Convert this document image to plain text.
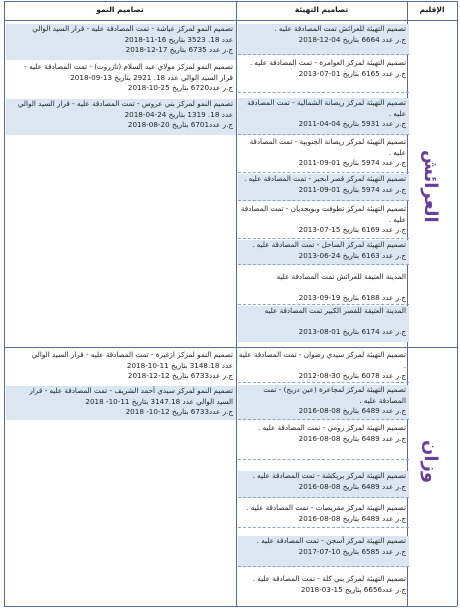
الإقليم
تصاميم التهيئة
تصاميم النمو
العرائش
وزان
تصميم التهيئة للعرائش تمت المصادقة عليه .
ج.ر عدد 6664 بتاريخ 04-12-2018
تصميم التهيئة لمركز العوامرة - تمت المصادقة عليه .
ج.ر عدد 6165 بتاريخ 01-07-2013
تصميم التهيئة لمركز ريصانة الشمالية - تمت المصادقة عليه .
ج.ر عدد 5931 بتاريخ 04-04-2011
تصميم التهيئة لمركز ريصانة الجنوبية - تمت المصادقة عليه .
ج.ر عدد 5974 بتاريخ 01-09-2011
تصميم التهيئة لمركز قصر ابجير - تمت المصادقة عليه .
ج.ر عدد 5974 بتاريخ 01-09-2011
تصميم التهيئة لمركز تطوفت وبويجديان - تمت المصادقة عليه .
ج.ر عدد 6169 بتاريخ 15-07-2013
تصميم التهيئة لمركز الساحل - تمت المصادقة عليه .
ج.ر عدد 6163 بتاريخ 24-06-2013
المدينة العتيقة للعرائش تمت المصادقة عليه

ج.ر عدد 6188 بتاريخ 19-09-2013
المدينة العتيقة للقصر الكبير تمت المصادقة عليه

ج.ر عدد 6174 بتاريخ 01-08-2013
تصميم التهيئة لمركز سيدي رضوان - تمت المصادقة عليه .
ج.ر عدد 6078 بتاريخ 30-08-2012
تصميم التهيئة لمركز لمجاعرة (عين دريج) - تمت المصادقة عليه .
ج.ر عدد 6489 بتاريخ 08-08-2016
تصميم التهيئة لمركز زومي - تمت المصادقة عليه .
ج.ر عدد 6489 بتاريخ 08-08-2016
تصميم التهيئة لمركز بريكشة - تمت المصادقة عليه .
ج.ر عدد 6489 بتاريخ 08-08-2016
تصميم التهيئة لمركز مقريصات - تمت المصادقة عليه .
ج.ر عدد 6489 بتاريخ 08-08-2016
تصميم التهيئة لمركز أسجن - تمت المصادقة عليه .
ج.ر عدد 6585 بتاريخ 10-07-2017
تصميم التهيئة لمركز بني كلة - تمت المصادقة عليه .
ج.ر عدد6656 بتاريخ 15-03-2018
تصميم النمو لمركز عياشة - تمت المصادقة عليه - قرار السيد الوالي
عدد 18. 3523 بتاريخ 16-11-2018
ج.ر عدد 6735 بتاريخ 17-12-2018
تصميم النمو لمركز مولاي عبد السلام (تازروت) - تمت المصادقة عليه -
قرار السيد الوالي عدد 18. 2921 بتاريخ 13-09-2018
ج.ر عدد6720 بتاريخ 25-10-2018
تصميم النمو لمركز بني عروس - تمت المصادقة عليه - قرار السيد الوالي
عدد 18. 1319 بتاريخ 24-04-2018
ج.ر عدد6701 بتاريخ 20-08-2018
تصميم النمو لمركز ازغيرة - تمت المصادقة عليه - قرار السيد الوالي
عدد 3148.18 بتاريخ 11-10-2018
ج.ر عدد6733 بتاريخ 12-12-2018
تصميم النمو لمركز سيدي أحمد الشريف - تمت المصادقة عليه - قرار
السيد الوالي عدد 3147.18 بتاريخ 11-10- 2018
ج.ر عدد6733 بتاريخ 12-10- 2018
